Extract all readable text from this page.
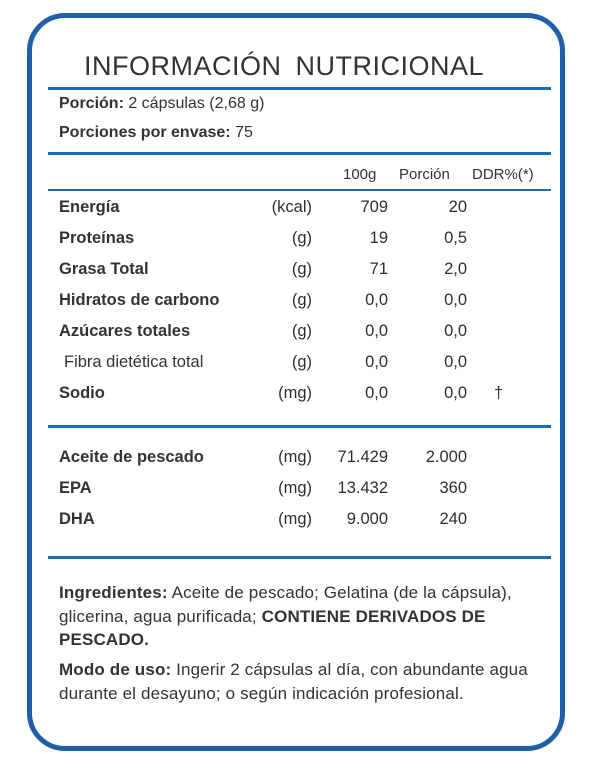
INFORMACIÓN NUTRICIONAL
Porción: 2 cápsulas (2,68 g)
Porciones por envase: 75
100g Porción DDR%(*)
Energía	(kcal)	709	20
Proteínas	(g)	19	0,5
Grasa Total	(g)	71	2,0
Hidratos de carbono	(g)	0,0	0,0
Azúcares totales	(g)	0,0	0,0
Fibra dietética total	(g)	0,0	0,0
Sodio	(mg)	0,0	0,0 †
Aceite de pescado	(mg) 71.429 2.000
EPA	(mg) 13.432	360
DHA	(mg) 9.000	240
Ingredientes: Aceite de pescado; Gelatina (de la cápsula), glicerina, agua purificada; CONTIENE DERIVADOS DE PESCADO.
Modo de uso: Ingerir 2 cápsulas al día, con abundante agua durante el desayuno; o según indicación profesional.
